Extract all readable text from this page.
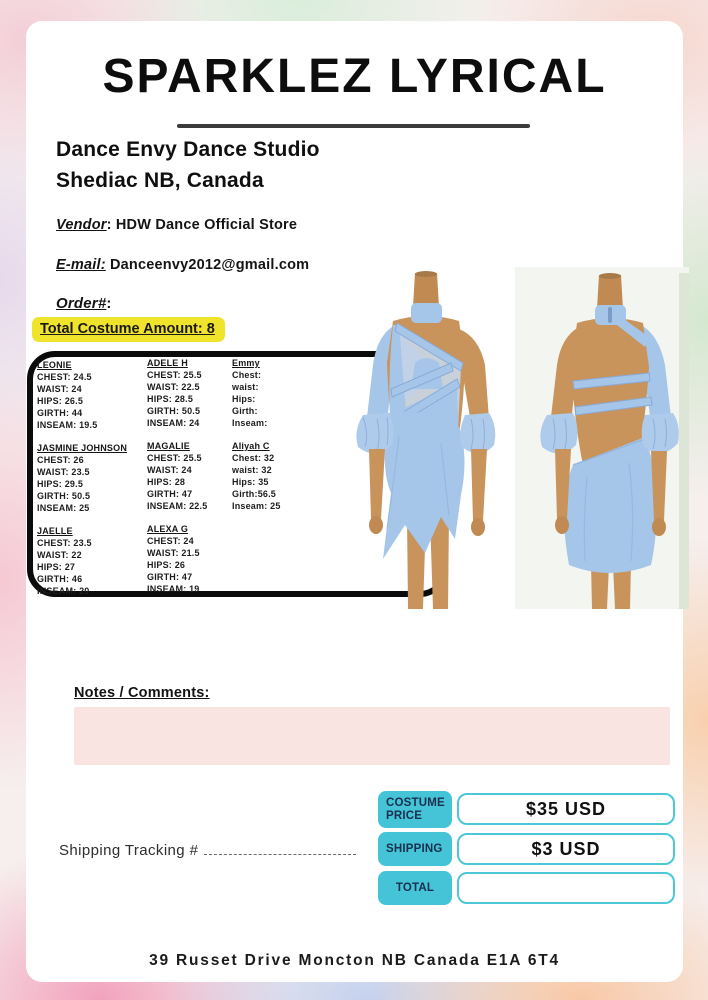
SPARKLEZ LYRICAL
Dance Envy Dance Studio
Shediac NB, Canada
Vendor: HDW Dance Official Store
E-mail: Danceenvy2012@gmail.com
Order#:
Total Costume Amount: 8
LEONIE
CHEST: 24.5
WAIST: 24
HIPS: 26.5
GIRTH: 44
INSEAM: 19.5
JASMINE JOHNSON
CHEST: 26
WAIST: 23.5
HIPS: 29.5
GIRTH: 50.5
INSEAM: 25
JAELLE
CHEST: 23.5
WAIST: 22
HIPS: 27
GIRTH: 46
INSEAM: 20
ADELE H
CHEST: 25.5
WAIST: 22.5
HIPS: 28.5
GIRTH: 50.5
INSEAM: 24
MAGALIE
CHEST: 25.5
WAIST: 24
HIPS: 28
GIRTH: 47
INSEAM: 22.5
ALEXA G
CHEST: 24
WAIST: 21.5
HIPS: 26
GIRTH: 47
INSEAM: 19
Emmy
Chest:
waist:
Hips:
Girth:
Inseam:
Aliyah C
Chest: 32
waist: 32
Hips: 35
Girth:56.5
Inseam: 25
Notes / Comments:
COSTUME PRICE	$35 USD
SHIPPING	$3 USD
TOTAL
Shipping Tracking #
39 Russet Drive Moncton NB Canada E1A 6T4
